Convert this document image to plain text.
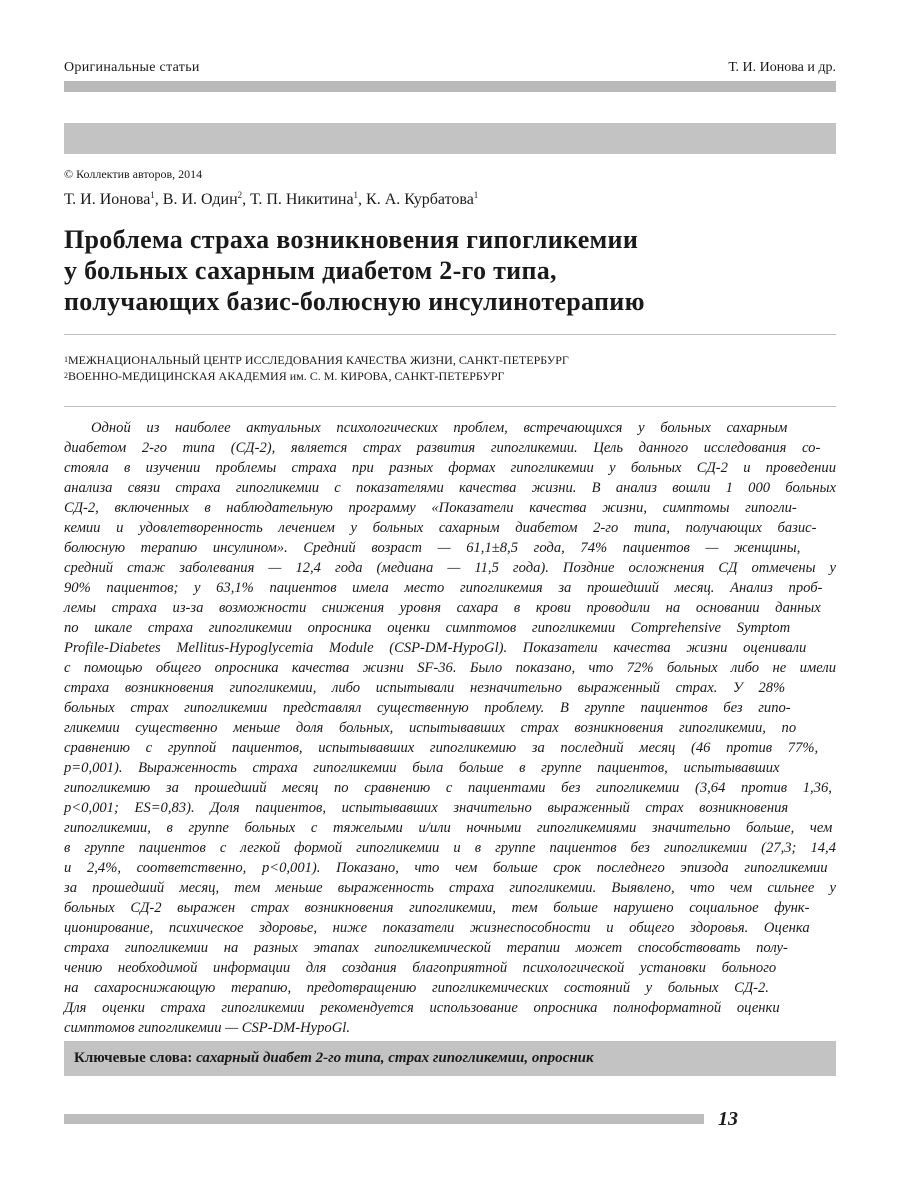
Оригинальные статьи	Т. И. Ионова и др.
© Коллектив авторов, 2014
Т. И. Ионова$^1$, В. И. Один$^2$, Т. П. Никитина$^1$, К. А. Курбатова$^1$
Проблема страха возникновения гипогликемии
у больных сахарным диабетом 2-го типа,
получающих базис-болюсную инсулинотерапию
$^1$МЕЖНАЦИОНАЛЬНЫЙ ЦЕНТР ИССЛЕДОВАНИЯ КАЧЕСТВА ЖИЗНИ, САНКТ-ПЕТЕРБУРГ
$^2$ВОЕННО-МЕДИЦИНСКАЯ АКАДЕМИЯ им. С. М. КИРОВА, САНКТ-ПЕТЕРБУРГ
Одной из наиболее актуальных психологических проблем, встречающихся у больных сахарным
диабетом 2-го типа (СД-2), является страх развития гипогликемии. Цель данного исследования со-
стояла в изучении проблемы страха при разных формах гипогликемии у больных СД-2 и проведении
анализа связи страха гипогликемии с показателями качества жизни. В анализ вошли 1 000 больных
СД-2, включенных в наблюдательную программу «Показатели качества жизни, симптомы гипогли-
кемии и удовлетворенность лечением у больных сахарным диабетом 2-го типа, получающих базис-
болюсную терапию инсулином». Средний возраст — 61,1±8,5 года, 74% пациентов — женщины,
средний стаж заболевания — 12,4 года (медиана — 11,5 года). Поздние осложнения СД отмечены у
90% пациентов; у 63,1% пациентов имела место гипогликемия за прошедший месяц. Анализ проб-
лемы страха из-за возможности снижения уровня сахара в крови проводили на основании данных
по шкале страха гипогликемии опросника оценки симптомов гипогликемии Comprehensive Symptom
Profile-Diabetes Mellitus-Hypoglycemia Module (CSP-DM-HypoGl). Показатели качества жизни оценивали
с помощью общего опросника качества жизни SF-36. Было показано, что 72% больных либо не имели
страха возникновения гипогликемии, либо испытывали незначительно выраженный страх. У 28%
больных страх гипогликемии представлял существенную проблему. В группе пациентов без гипо-
гликемии существенно меньше доля больных, испытывавших страх возникновения гипогликемии, по
сравнению с группой пациентов, испытывавших гипогликемию за последний месяц (46 против 77%,
p=0,001). Выраженность страха гипогликемии была больше в группе пациентов, испытывавших
гипогликемию за прошедший месяц по сравнению с пациентами без гипогликемии (3,64 против 1,36,
p<0,001; ES=0,83). Доля пациентов, испытывавших значительно выраженный страх возникновения
гипогликемии, в группе больных с тяжелыми и/или ночными гипогликемиями значительно больше, чем
в группе пациентов с легкой формой гипогликемии и в группе пациентов без гипогликемии (27,3; 14,4
и 2,4%, соответственно, p<0,001). Показано, что чем больше срок последнего эпизода гипогликемии
за прошедший месяц, тем меньше выраженность страха гипогликемии. Выявлено, что чем сильнее у
больных СД-2 выражен страх возникновения гипогликемии, тем больше нарушено социальное функ-
ционирование, психическое здоровье, ниже показатели жизнеспособности и общего здоровья. Оценка
страха гипогликемии на разных этапах гипогликемической терапии может способствовать полу-
чению необходимой информации для создания благоприятной психологической установки больного
на сахароснижающую терапию, предотвращению гипогликемических состояний у больных СД-2.
Для оценки страха гипогликемии рекомендуется использование опросника полноформатной оценки
симптомов гипогликемии — CSP-DM-HypoGl.
Ключевые слова: сахарный диабет 2-го типа, страх гипогликемии, опросник
13
